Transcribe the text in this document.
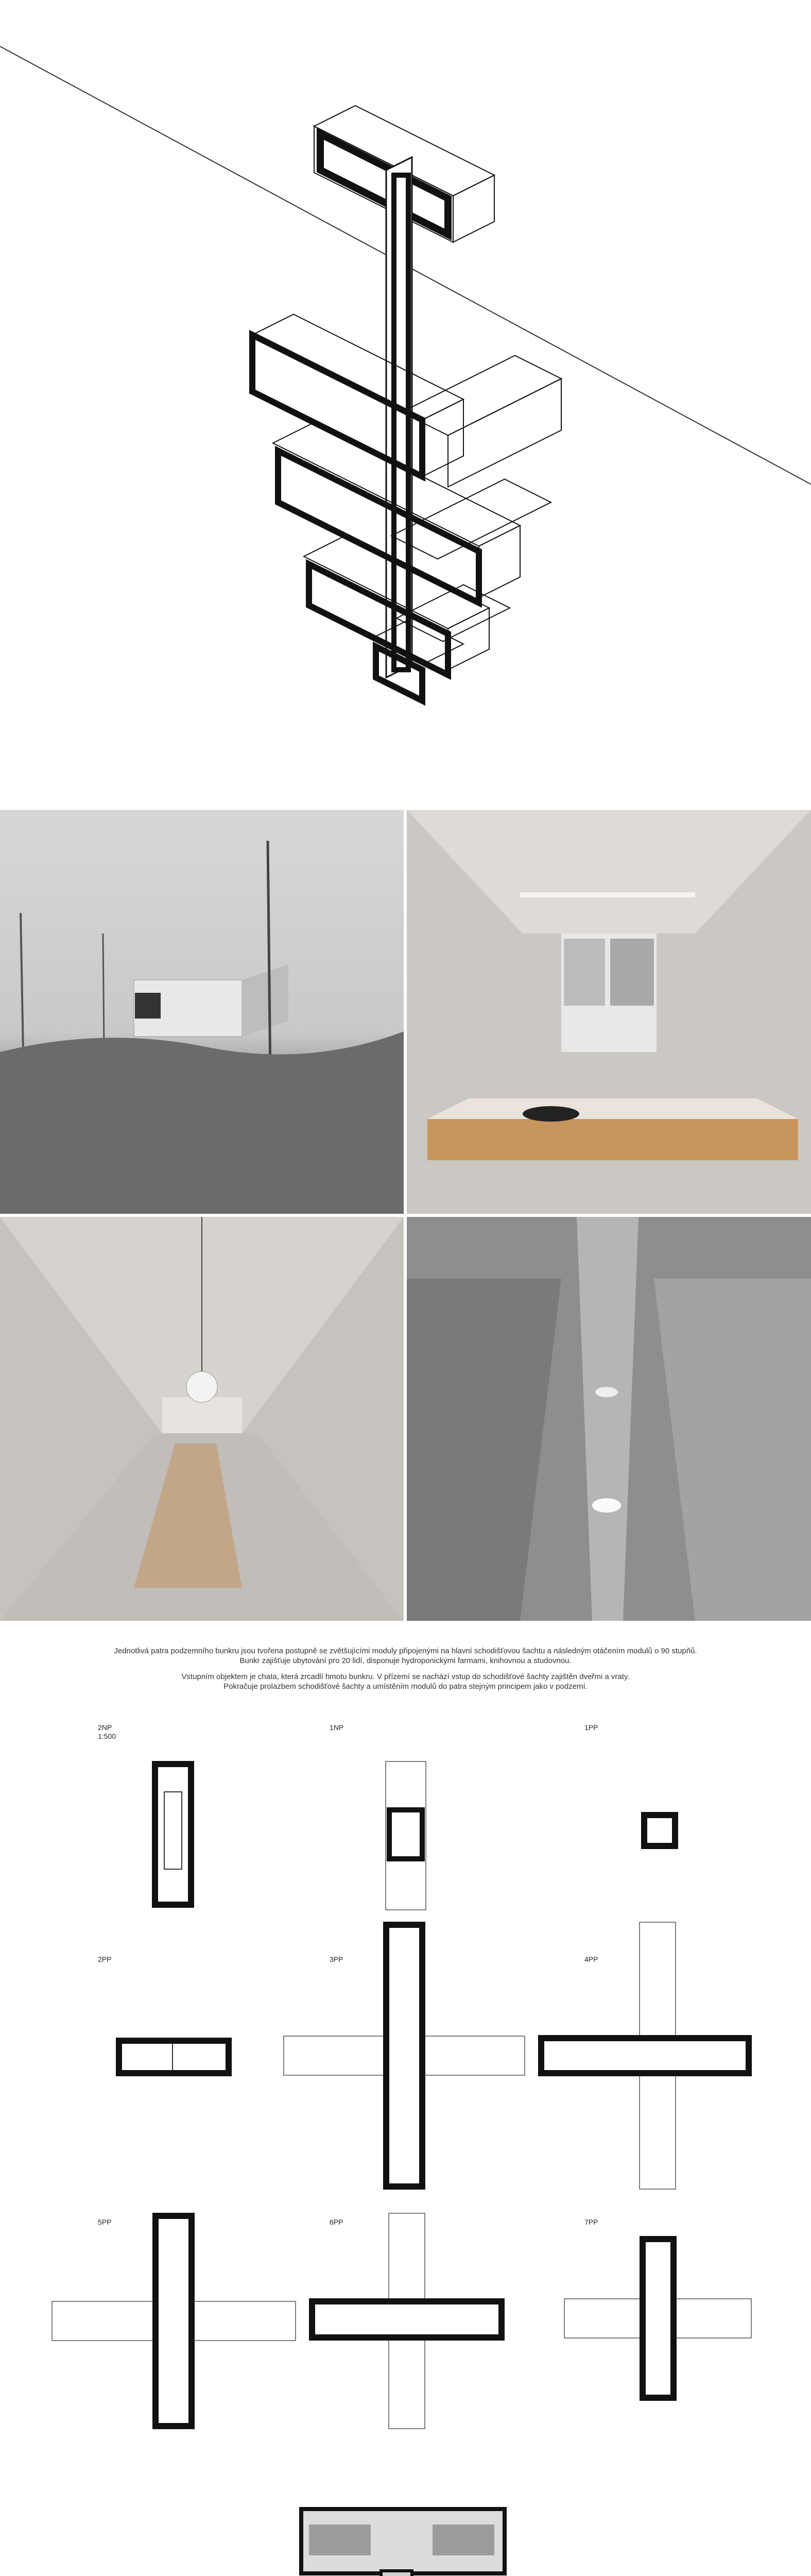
Jednotlivá patra podzemního bunkru jsou tvořena postupně se zvětšujícími moduly připojenými na hlavní schodišťovou šachtu a následným otáčením modulů o 90 stupňů.
Bunkr zajišťuje ubytování pro 20 lidí, disponuje hydroponickými farmami, knihovnou a studovnou.

Vstupním objektem je chata, která zrcadlí hmotu bunkru. V přízemí se nachází vstup do schodišťové šachty zajištěn dveřmi a vraty.
Pokračuje prolazbem schodišťové šachty a umístěním modulů do patra stejným principem jako v podzemí.

2NP
1:500
1NP	1PP
2PP	3PP	4PP
5PP	6PP	7PP
